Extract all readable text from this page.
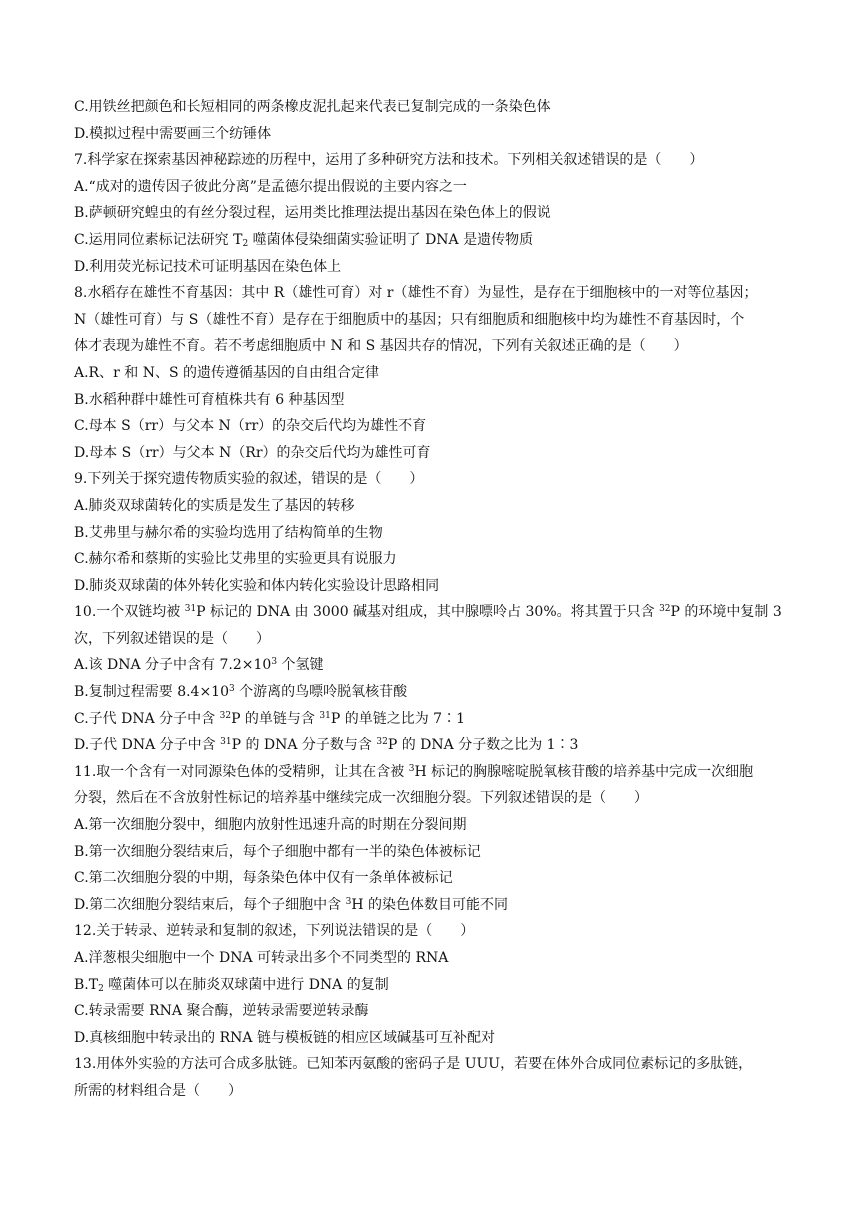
C.用铁丝把颜色和长短相同的两条橡皮泥扎起来代表已复制完成的一条染色体
D.模拟过程中需要画三个纺锤体
7.科学家在探索基因神秘踪迹的历程中，运用了多种研究方法和技术。下列相关叙述错误的是（　　）
A.“成对的遗传因子彼此分离”是孟德尔提出假说的主要内容之一
B.萨顿研究蝗虫的有丝分裂过程，运用类比推理法提出基因在染色体上的假说
C.运用同位素标记法研究 $T_2$ 噬菌体侵染细菌实验证明了 DNA 是遗传物质
D.利用荧光标记技术可证明基因在染色体上
8.水稻存在雄性不育基因：其中 R（雄性可育）对 r（雄性不育）为显性，是存在于细胞核中的一对等位基因；
N（雄性可育）与 S（雄性不育）是存在于细胞质中的基因；只有细胞质和细胞核中均为雄性不育基因时，个
体才表现为雄性不育。若不考虑细胞质中 N 和 S 基因共存的情况，下列有关叙述正确的是（　　）
A.R、r 和 N、S 的遗传遵循基因的自由组合定律
B.水稻种群中雄性可育植株共有 6 种基因型
C.母本 S（rr）与父本 N（rr）的杂交后代均为雄性不育
D.母本 S（rr）与父本 N（Rr）的杂交后代均为雄性可育
9.下列关于探究遗传物质实验的叙述，错误的是（　　）
A.肺炎双球菌转化的实质是发生了基因的转移
B.艾弗里与赫尔希的实验均选用了结构简单的生物
C.赫尔希和蔡斯的实验比艾弗里的实验更具有说服力
D.肺炎双球菌的体外转化实验和体内转化实验设计思路相同
10.一个双链均被 $^{31}$P 标记的 DNA 由 3000 碱基对组成，其中腺嘌呤占 30%。将其置于只含 $^{32}$P 的环境中复制 3
次，下列叙述错误的是（　　）
A.该 DNA 分子中含有 $7.2\times 10^3$ 个氢键
B.复制过程需要 $8.4\times 10^3$ 个游离的鸟嘌呤脱氧核苷酸
C.子代 DNA 分子中含 $^{32}$P 的单链与含 $^{31}$P 的单链之比为 7∶1
D.子代 DNA 分子中含 $^{31}$P 的 DNA 分子数与含 $^{32}$P 的 DNA 分子数之比为 1∶3
11.取一个含有一对同源染色体的受精卵，让其在含被 $^3$H 标记的胸腺嘧啶脱氧核苷酸的培养基中完成一次细胞
分裂，然后在不含放射性标记的培养基中继续完成一次细胞分裂。下列叙述错误的是（　　）
A.第一次细胞分裂中，细胞内放射性迅速升高的时期在分裂间期
B.第一次细胞分裂结束后，每个子细胞中都有一半的染色体被标记
C.第二次细胞分裂的中期，每条染色体中仅有一条单体被标记
D.第二次细胞分裂结束后，每个子细胞中含 $^3$H 的染色体数目可能不同
12.关于转录、逆转录和复制的叙述，下列说法错误的是（　　）
A.洋葱根尖细胞中一个 DNA 可转录出多个不同类型的 RNA
$B.T_2$ 噬菌体可以在肺炎双球菌中进行 DNA 的复制
C.转录需要 RNA 聚合酶，逆转录需要逆转录酶
D.真核细胞中转录出的 RNA 链与模板链的相应区域碱基可互补配对
13.用体外实验的方法可合成多肽链。已知苯丙氨酸的密码子是 UUU，若要在体外合成同位素标记的多肽链，
所需的材料组合是（　　）
